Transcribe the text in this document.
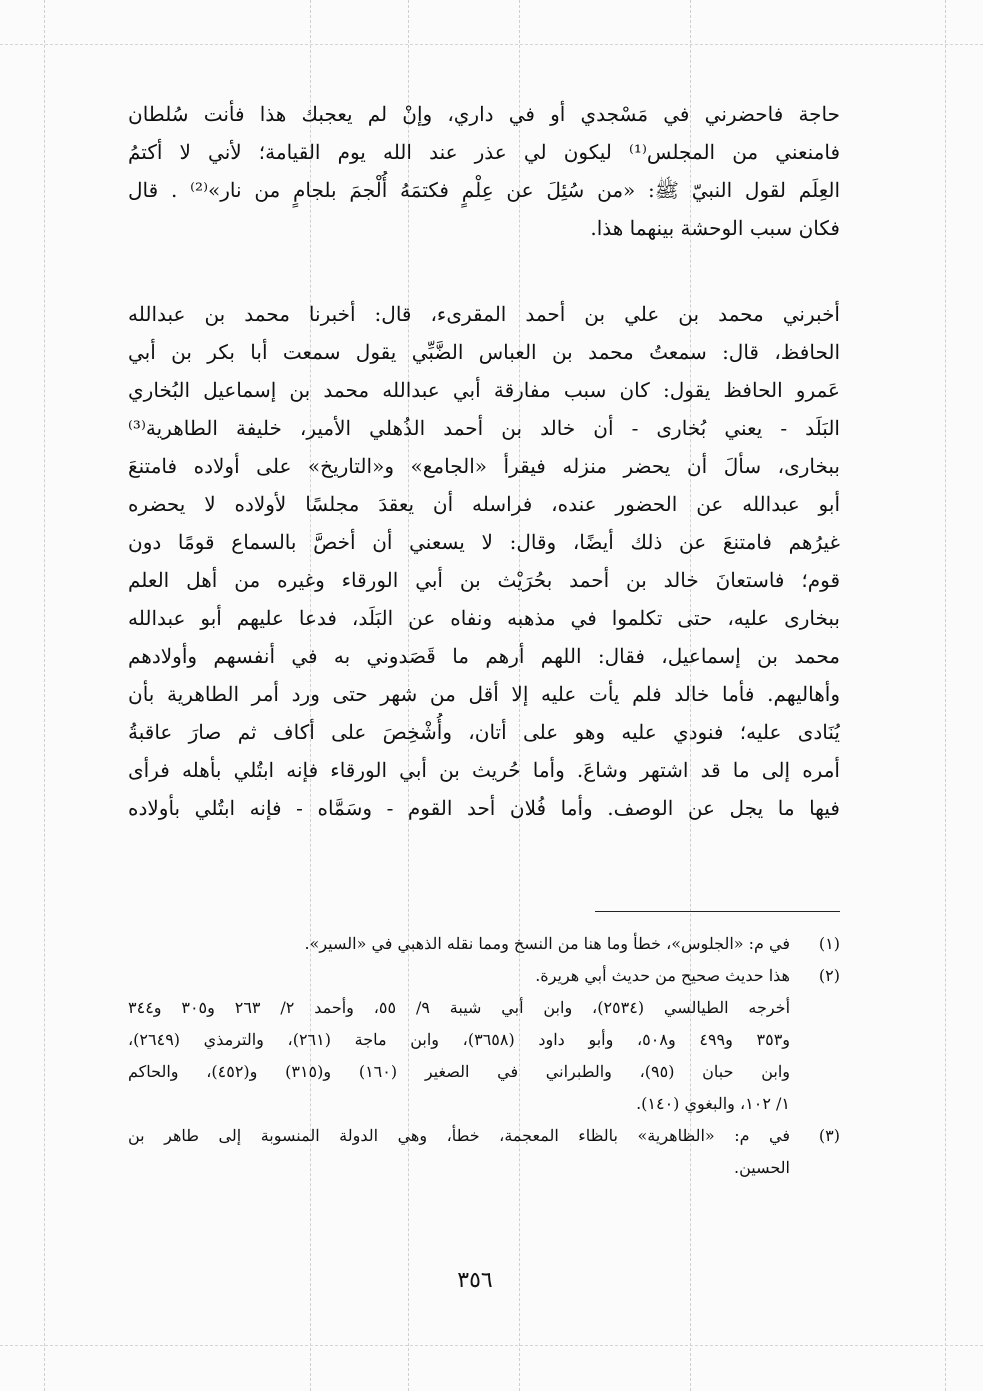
حاجة فاحضرني في مَسْجدي أو في داري، وإنْ لم يعجبك هذا فأنت سُلطان
فامنعني من المجلس⁽¹⁾ ليكون لي عذر عند الله يوم القيامة؛ لأني لا أكتمُ
العِلَم لقول النبيّ ﷺ: «من سُئِلَ عن عِلْمٍ فكتمَهُ أُلْجمَ بلجامٍ من نار»⁽²⁾ . قال
فكان سبب الوحشة بينهما هذا.
أخبرني محمد بن علي بن أحمد المقرىء، قال: أخبرنا محمد بن عبدالله
الحافظ، قال: سمعتُ محمد بن العباس الضَّبِّي يقول سمعت أبا بكر بن أبي
عَمرو الحافظ يقول: كان سبب مفارقة أبي عبدالله محمد بن إسماعيل البُخاري
البَلَد - يعني بُخارى - أن خالد بن أحمد الذُهلي الأمير، خليفة الطاهرية⁽³⁾
ببخارى، سألَ أن يحضر منزله فيقرأ «الجامع» و«التاريخ» على أولاده فامتنعَ
أبو عبدالله عن الحضور عنده، فراسله أن يعقدَ مجلسًا لأولاده لا يحضره
غيرُهم فامتنعَ عن ذلك أيضًا، وقال: لا يسعني أن أخصَّ بالسماع قومًا دون
قوم؛ فاستعانَ خالد بن أحمد بحُرَيْث بن أبي الورقاء وغيره من أهل العلم
ببخارى عليه، حتى تكلموا في مذهبه ونفاه عن البَلَد، فدعا عليهم أبو عبدالله
محمد بن إسماعيل، فقال: اللهم أرهم ما قَصَدوني به في أنفسهم وأولادهم
وأهاليهم. فأما خالد فلم يأت عليه إلا أقل من شهر حتى ورد أمر الطاهرية بأن
يُنَادى عليه؛ فنودي عليه وهو على أتان، وأُشْخِصَ على أكاف ثم صارَ عاقبةُ
أمره إلى ما قد اشتهر وشاعَ. وأما حُريث بن أبي الورقاء فإنه ابتُلي بأهله فرأى
فيها ما يجل عن الوصف. وأما فُلان أحد القوم - وسَمَّاه - فإنه ابتُلي بأولاده
(١)
في م: «الجلوس»، خطأ وما هنا من النسخ ومما نقله الذهبي في «السير».
(٢)
هذا حديث صحيح من حديث أبي هريرة.
أخرجه الطيالسي (٢٥٣٤)، وابن أبي شيبة ٩/ ٥٥، وأحمد ٢/ ٢٦٣ و٣٠٥ و٣٤٤
و٣٥٣ و٤٩٩ و٥٠٨، وأبو داود (٣٦٥٨)، وابن ماجة (٢٦١)، والترمذي (٢٦٤٩)،
وابن حبان (٩٥)، والطبراني في الصغير (١٦٠) و(٣١٥) و(٤٥٢)، والحاكم
١/ ١٠٢، والبغوي (١٤٠).
(٣)
في م: «الظاهرية» بالظاء المعجمة، خطأ، وهي الدولة المنسوبة إلى طاهر بن
الحسين.
٣٥٦
